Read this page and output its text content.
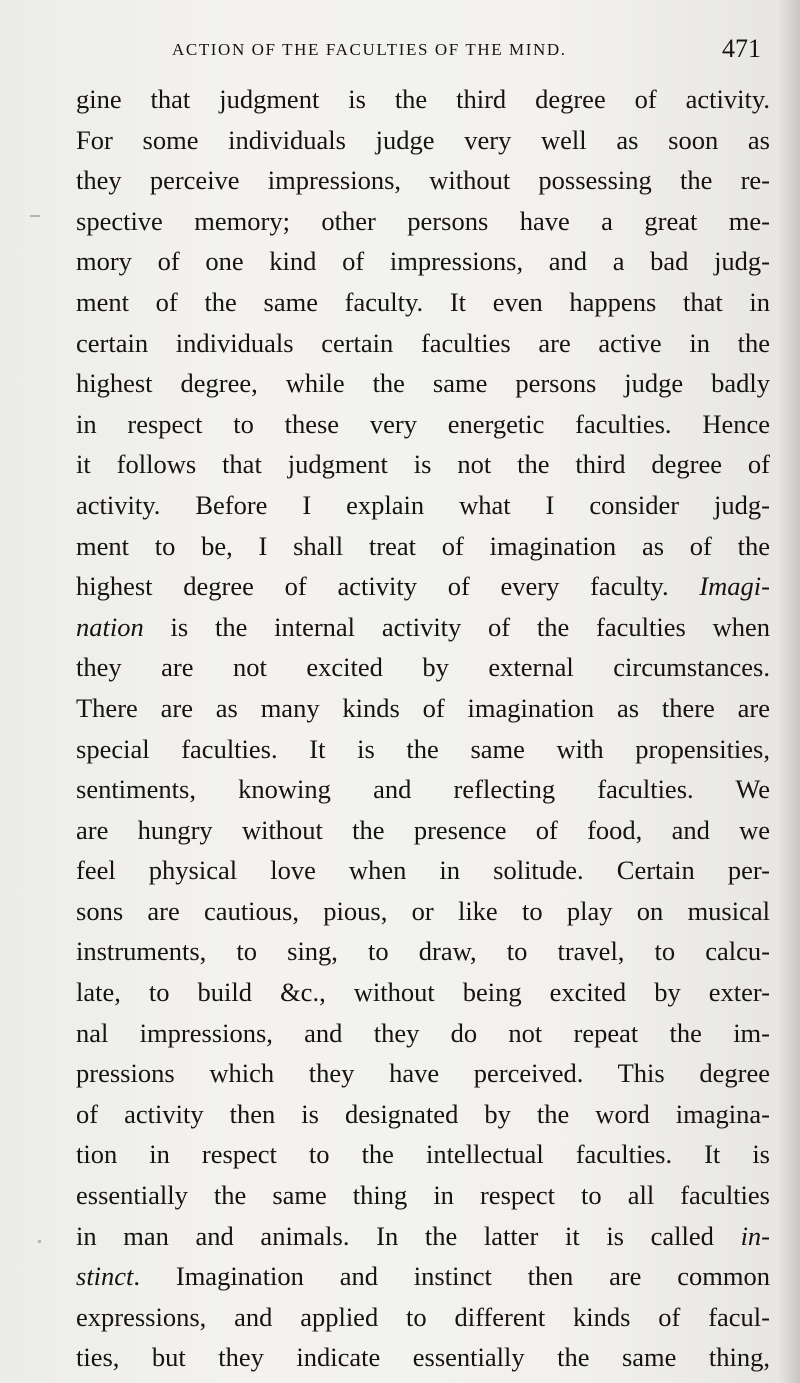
ACTION OF THE FACULTIES OF THE MIND.	471
gine that judgment is the third degree of activity.
For some individuals judge very well as soon as
they perceive impressions, without possessing the re-
spective memory; other persons have a great me-
mory of one kind of impressions, and a bad judg-
ment of the same faculty. It even happens that in
certain individuals certain faculties are active in the
highest degree, while the same persons judge badly
in respect to these very energetic faculties. Hence
it follows that judgment is not the third degree of
activity. Before I explain what I consider judg-
ment to be, I shall treat of imagination as of the
highest degree of activity of every faculty. Imagi-
nation is the internal activity of the faculties when
they are not excited by external circumstances.
There are as many kinds of imagination as there are
special faculties. It is the same with propensities,
sentiments, knowing and reflecting faculties. We
are hungry without the presence of food, and we
feel physical love when in solitude. Certain per-
sons are cautious, pious, or like to play on musical
instruments, to sing, to draw, to travel, to calcu-
late, to build &c., without being excited by exter-
nal impressions, and they do not repeat the im-
pressions which they have perceived. This degree
of activity then is designated by the word imagina-
tion in respect to the intellectual faculties. It is
essentially the same thing in respect to all faculties
in man and animals. In the latter it is called in-
stinct. Imagination and instinct then are common
expressions, and applied to different kinds of facul-
ties, but they indicate essentially the same thing,
